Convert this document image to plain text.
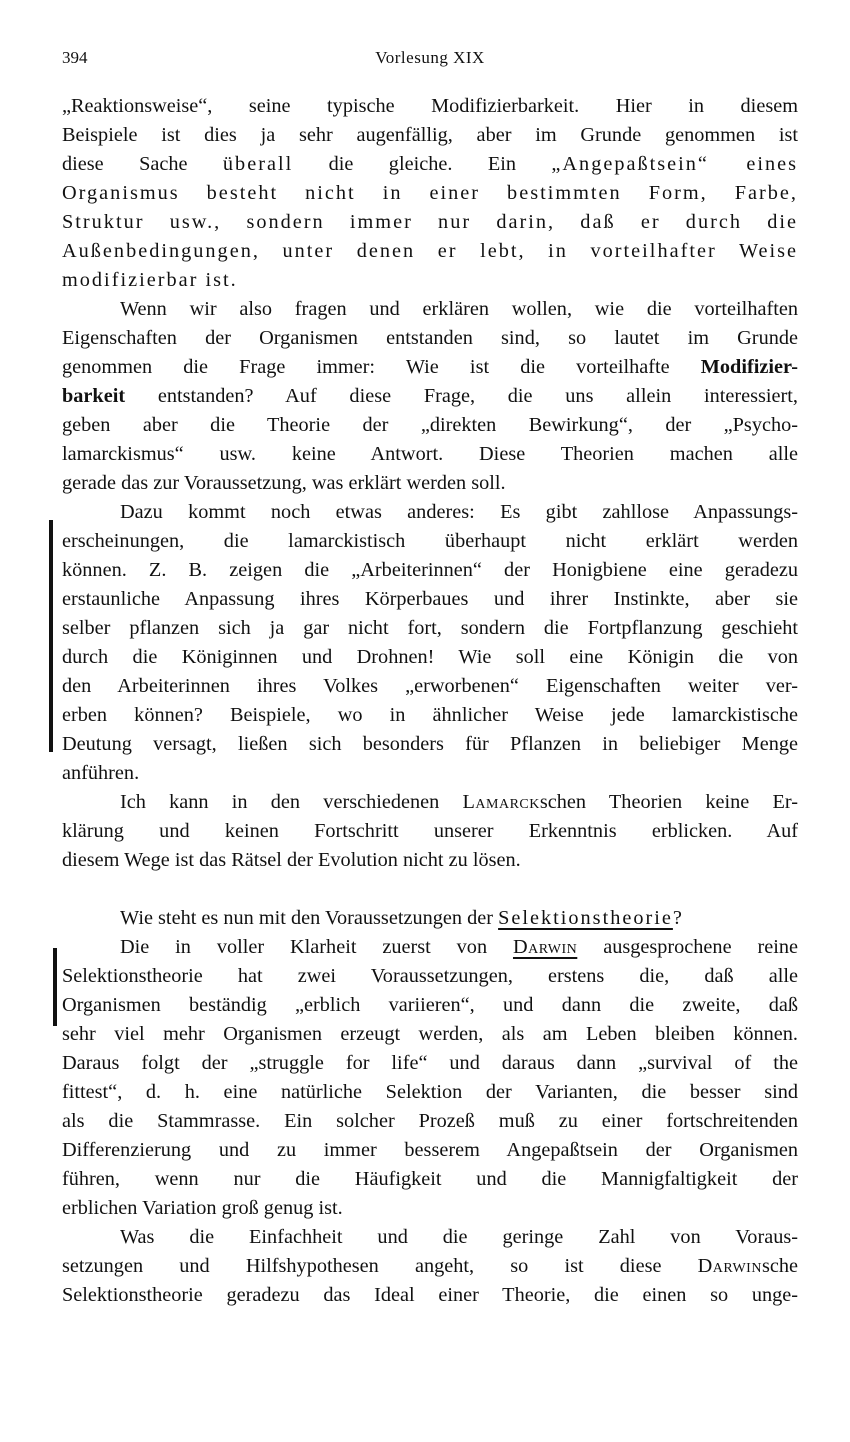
394	Vorlesung XIX
„Reaktionsweise“, seine typische Modifizierbarkeit. Hier in diesem
Beispiele ist dies ja sehr augenfällig, aber im Grunde genommen ist
diese Sache überall die gleiche. Ein „Angepaßtsein“ eines
Organismus besteht nicht in einer bestimmten Form, Farbe,
Struktur usw., sondern immer nur darin, daß er durch die
Außenbedingungen, unter denen er lebt, in vorteilhafter Weise
modifizierbar ist.
Wenn wir also fragen und erklären wollen, wie die vorteilhaften
Eigenschaften der Organismen entstanden sind, so lautet im Grunde
genommen die Frage immer: Wie ist die vorteilhafte Modifizier-
barkeit entstanden? Auf diese Frage, die uns allein interessiert,
geben aber die Theorie der „direkten Bewirkung“, der „Psycho-
lamarckismus“ usw. keine Antwort. Diese Theorien machen alle
gerade das zur Voraussetzung, was erklärt werden soll.
Dazu kommt noch etwas anderes: Es gibt zahllose Anpassungs-
erscheinungen, die lamarckistisch überhaupt nicht erklärt werden
können. Z. B. zeigen die „Arbeiterinnen“ der Honigbiene eine geradezu
erstaunliche Anpassung ihres Körperbaues und ihrer Instinkte, aber sie
selber pflanzen sich ja gar nicht fort, sondern die Fortpflanzung geschieht
durch die Königinnen und Drohnen! Wie soll eine Königin die von
den Arbeiterinnen ihres Volkes „erworbenen“ Eigenschaften weiter ver-
erben können? Beispiele, wo in ähnlicher Weise jede lamarckistische
Deutung versagt, ließen sich besonders für Pflanzen in beliebiger Menge
anführen.
Ich kann in den verschiedenen Lamarckschen Theorien keine Er-
klärung und keinen Fortschritt unserer Erkenntnis erblicken. Auf
diesem Wege ist das Rätsel der Evolution nicht zu lösen.
Wie steht es nun mit den Voraussetzungen der Selektionstheorie?
Die in voller Klarheit zuerst von Darwin ausgesprochene reine
Selektionstheorie hat zwei Voraussetzungen, erstens die, daß alle
Organismen beständig „erblich variieren“, und dann die zweite, daß
sehr viel mehr Organismen erzeugt werden, als am Leben bleiben können.
Daraus folgt der „struggle for life“ und daraus dann „survival of the
fittest“, d. h. eine natürliche Selektion der Varianten, die besser sind
als die Stammrasse. Ein solcher Prozeß muß zu einer fortschreitenden
Differenzierung und zu immer besserem Angepaßtsein der Organismen
führen, wenn nur die Häufigkeit und die Mannigfaltigkeit der
erblichen Variation groß genug ist.
Was die Einfachheit und die geringe Zahl von Voraus-
setzungen und Hilfshypothesen angeht, so ist diese Darwinsche
Selektionstheorie geradezu das Ideal einer Theorie, die einen so unge-
